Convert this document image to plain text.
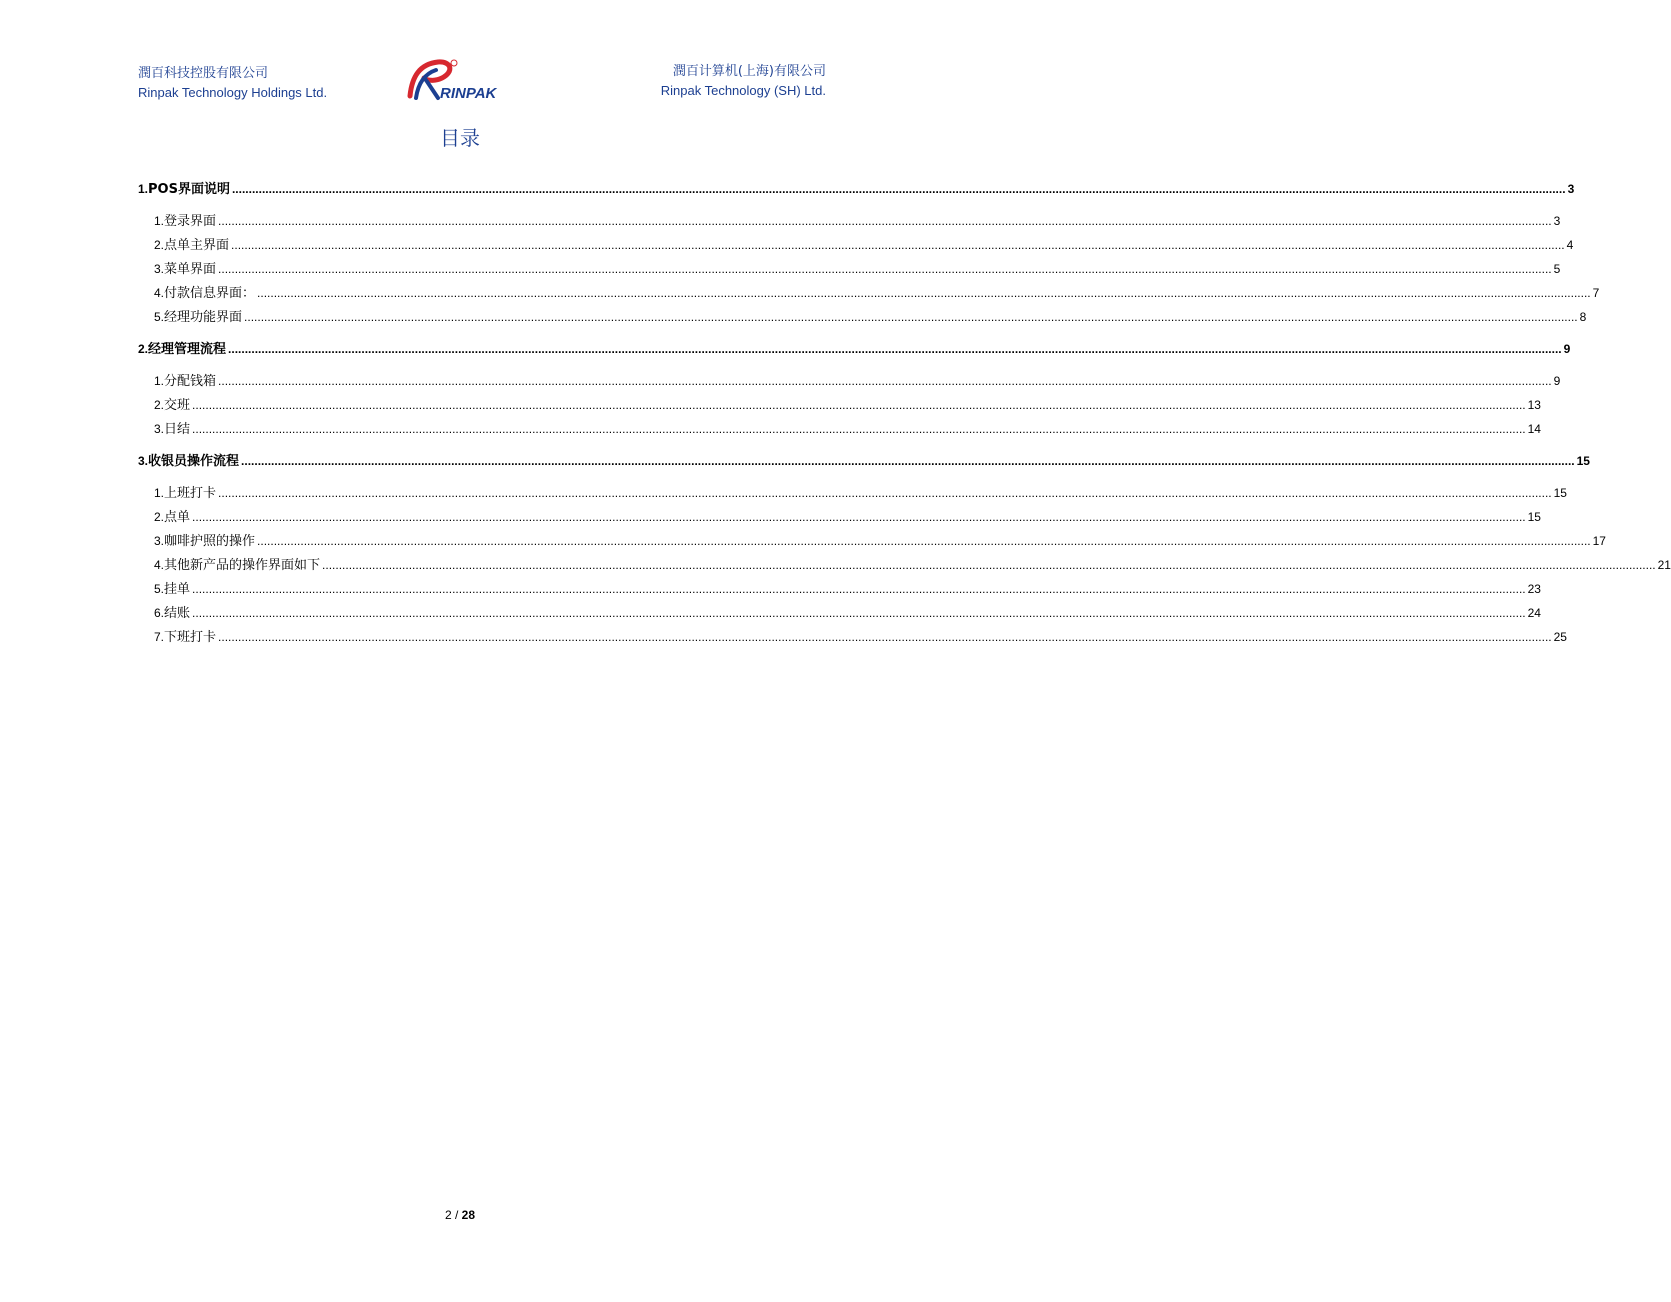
潤百科技控股有限公司
Rinpak Technology Holdings Ltd.	RINPAK
潤百计算机(上海)有限公司
Rinpak Technology (SH) Ltd.
目录
1. POS界面说明 ................................................................................................................................................................................................................................................................................................................................................................................................................ 3
1. 登录界面 ................................................................................................................................................................................................................................................................................................................................................................................................................ 3
2. 点单主界面 ................................................................................................................................................................................................................................................................................................................................................................................................................ 4
3. 菜单界面 ................................................................................................................................................................................................................................................................................................................................................................................................................ 5
4. 付款信息界面： ................................................................................................................................................................................................................................................................................................................................................................................................................ 7
5. 经理功能界面 ................................................................................................................................................................................................................................................................................................................................................................................................................ 8
2. 经理管理流程 ................................................................................................................................................................................................................................................................................................................................................................................................................ 9
1. 分配钱箱 ................................................................................................................................................................................................................................................................................................................................................................................................................ 9
2. 交班 ................................................................................................................................................................................................................................................................................................................................................................................................................ 13
3. 日结 ................................................................................................................................................................................................................................................................................................................................................................................................................ 14
3. 收银员操作流程 ................................................................................................................................................................................................................................................................................................................................................................................................................ 15
1. 上班打卡 ................................................................................................................................................................................................................................................................................................................................................................................................................ 15
2. 点单 ................................................................................................................................................................................................................................................................................................................................................................................................................ 15
3. 咖啡护照的操作 ................................................................................................................................................................................................................................................................................................................................................................................................................ 17
4. 其他新产品的操作界面如下 ................................................................................................................................................................................................................................................................................................................................................................................................................ 21
5. 挂单 ................................................................................................................................................................................................................................................................................................................................................................................................................ 23
6. 结账 ................................................................................................................................................................................................................................................................................................................................................................................................................ 24
7. 下班打卡 ................................................................................................................................................................................................................................................................................................................................................................................................................ 25
2 / 28
